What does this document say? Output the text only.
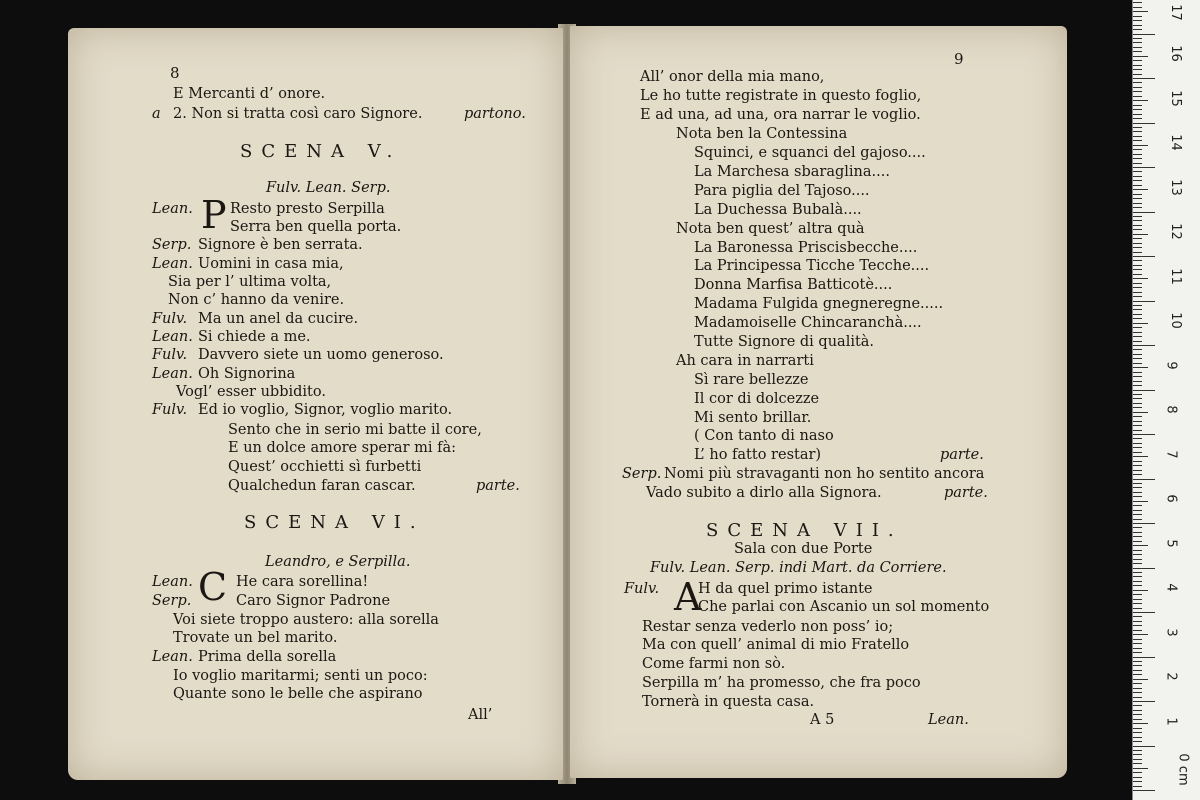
8
E Mercanti d’ onore.
a 2. Non si tratta così caro Signore.	partono.
SCENA V.
Fulv. Lean. Serp.
P
Lean.	Resto presto Serpilla
Serra ben quella porta.
Serp. Signore è ben serrata.
Lean. Uomini in casa mia,
Sia per l’ ultima volta,
Non c’ hanno da venire.
Fulv. Ma un anel da cucire.
Lean. Si chiede a me.
Fulv. Davvero siete un uomo generoso.
Lean. Oh Signorina
Vogl’ esser ubbidito.
Fulv. Ed io voglio, Signor, voglio marito.
Sento che in serio mi batte il core,
E un dolce amore sperar mi fà:
Quest’ occhietti sì furbetti
Qualchedun faran cascar.	parte.
SCENA VI.
Leandro, e Serpilla.
C
Lean.	He cara sorellina!
Serp.	Caro Signor Padrone
Voi siete troppo austero: alla sorella
Trovate un bel marito.
Lean. Prima della sorella
Io voglio maritarmi; senti un poco:
Quante sono le belle che aspirano
All’
9
All’ onor della mia mano,
Le ho tutte registrate in questo foglio,
E ad una, ad una, ora narrar le voglio.
Nota ben la Contessina
Squinci, e squanci del gajoso....
La Marchesa sbaraglina....
Para piglia del Tajoso....
La Duchessa Bubalà....
Nota ben quest’ altra quà
La Baronessa Priscisbecche....
La Principessa Ticche Tecche....
Donna Marfisa Batticotè....
Madama Fulgida gnegneregne.....
Madamoiselle Chincaranchà....
Tutte Signore di qualità.
Ah cara in narrarti
Sì rare bellezze
Il cor di dolcezze
Mi sento brillar.
( Con tanto di naso
L’ ho fatto restar)	parte.
Serp. Nomi più stravaganti non ho sentito ancora
Vado subito a dirlo alla Signora.	parte.
SCENA VII.
Sala con due Porte
Fulv. Lean. Serp. indi Mart. da Corriere.
A
Fulv.	H da quel primo istante
Che parlai con Ascanio un sol momento
Restar senza vederlo non poss’ io;
Ma con quell’ animal di mio Fratello
Come farmi non sò.
Serpilla m’ ha promesso, che fra poco
Tornerà in questa casa.
A 5	Lean.
17
16
15
14
13
12
11
10
9
8
7
6
5
4
3
2
1
0 cm
